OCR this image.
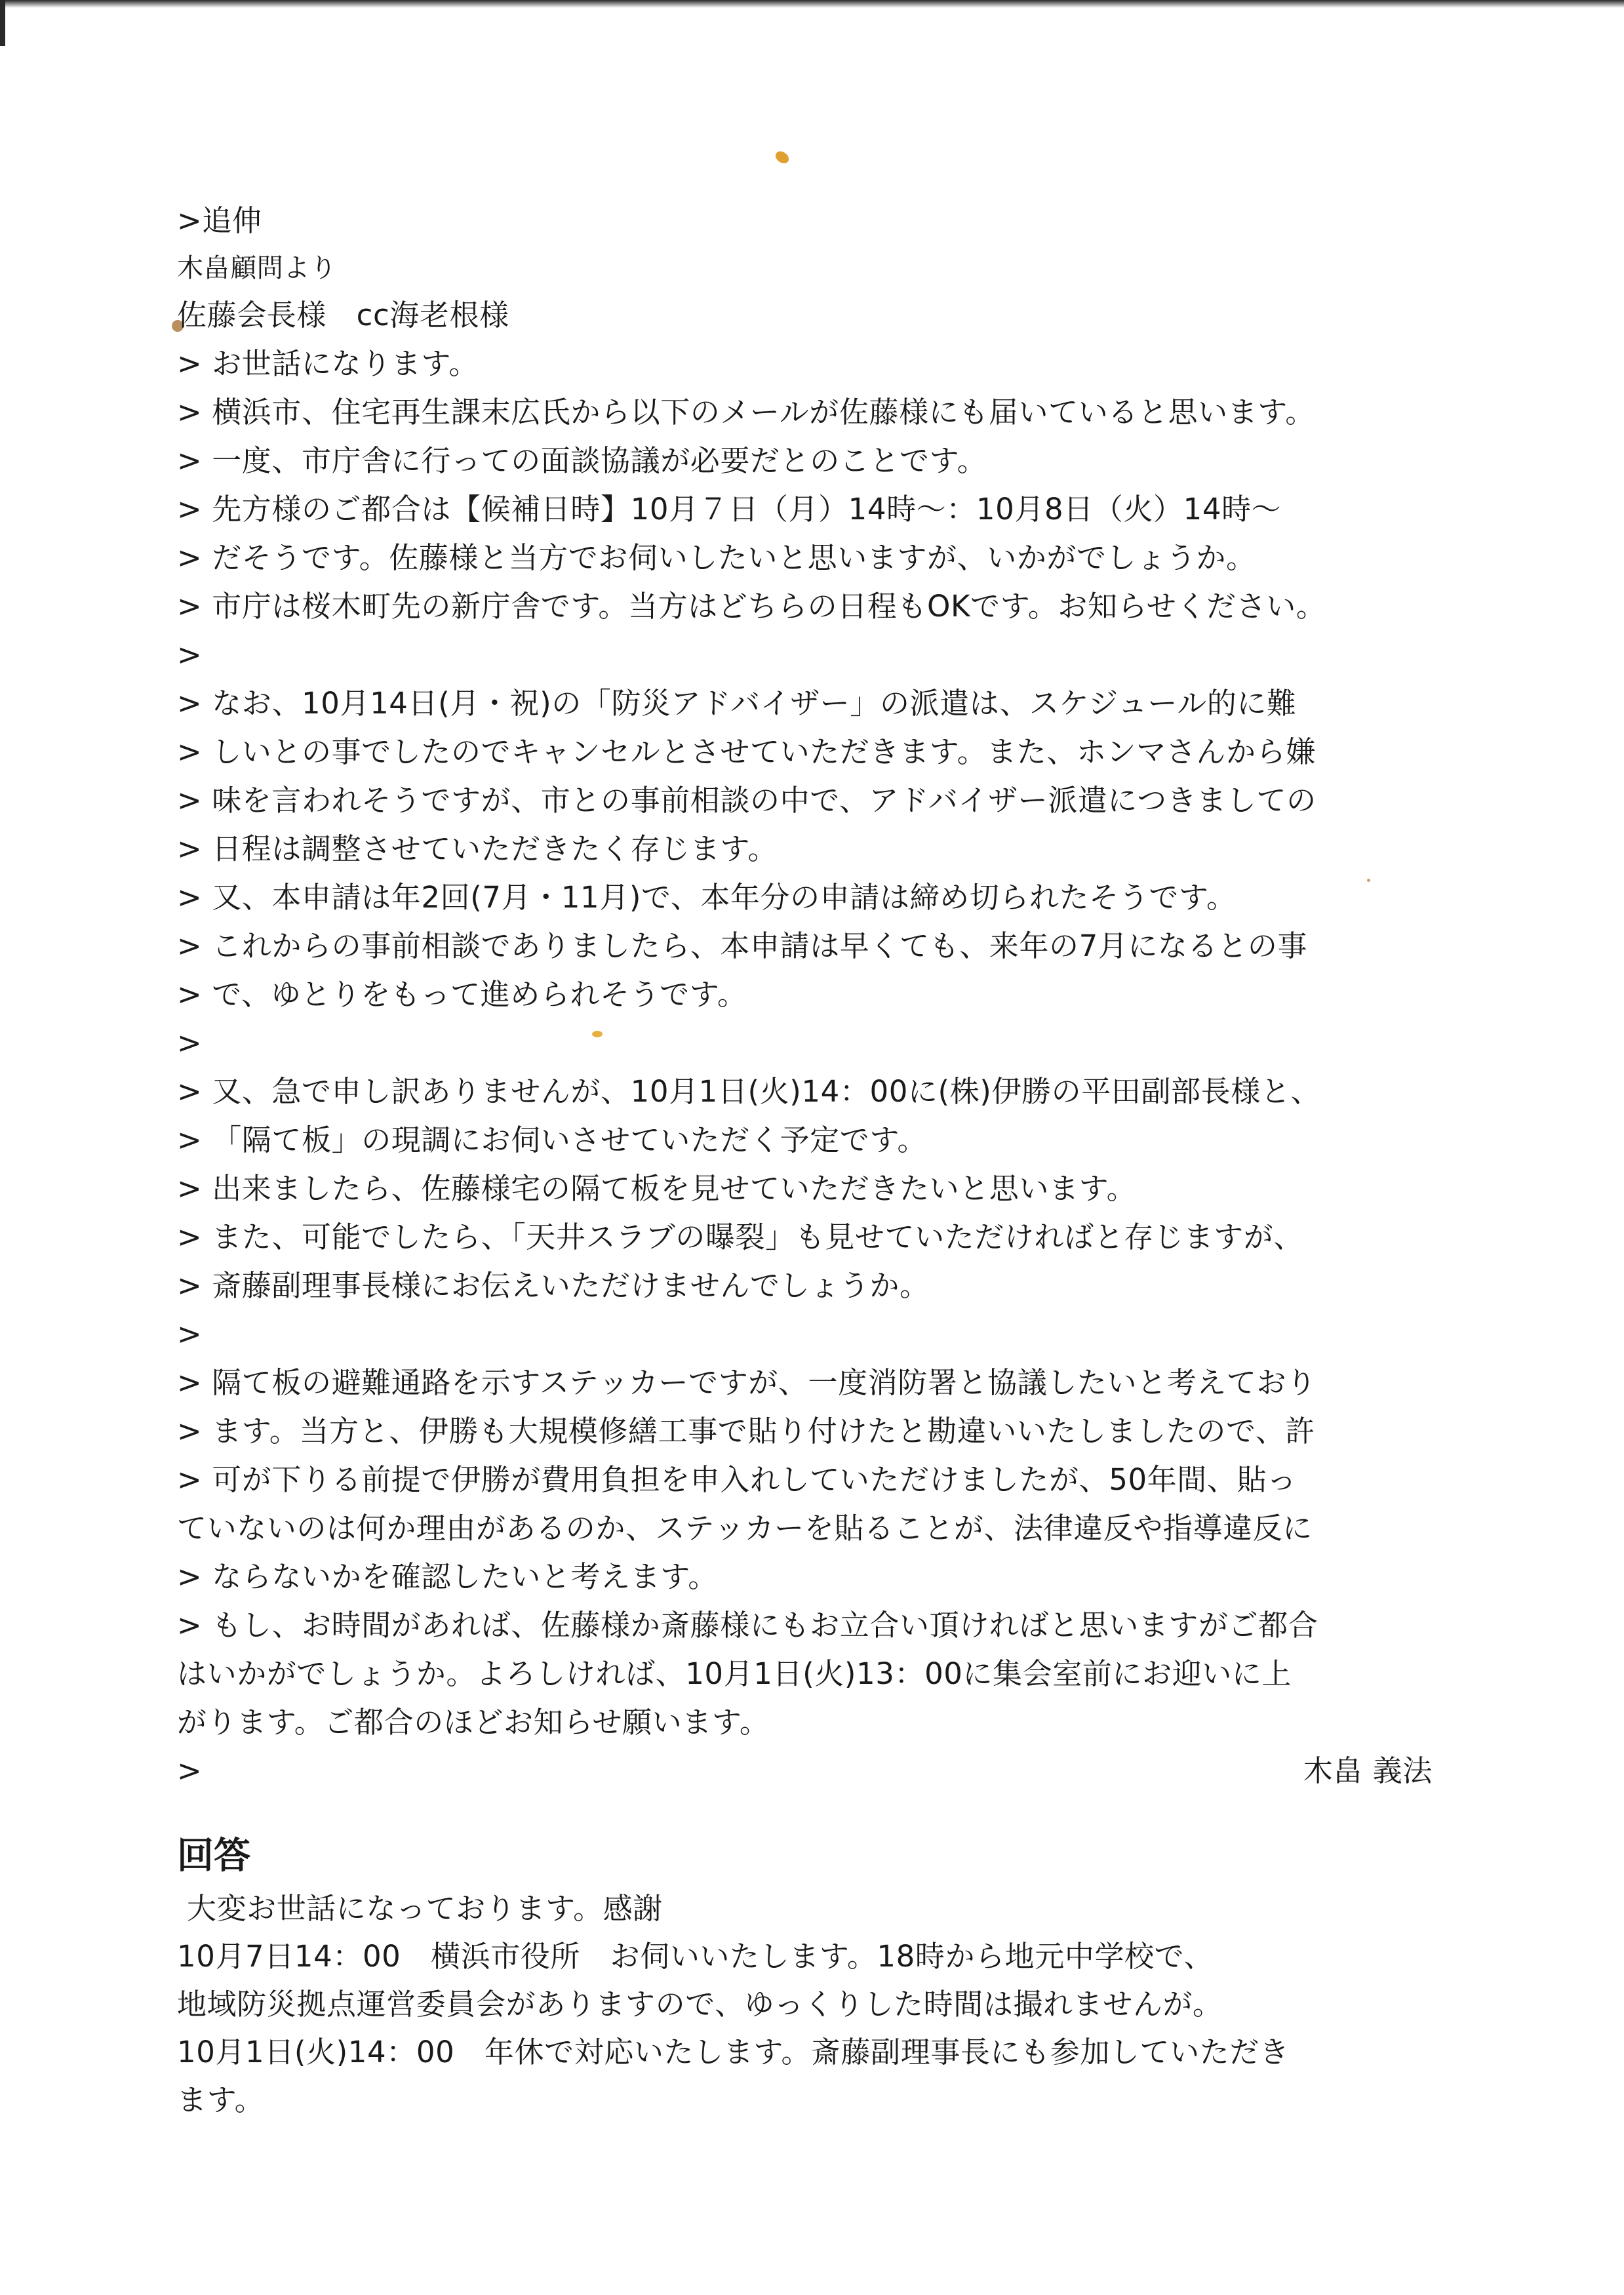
>追伸
木畠顧問より
佐藤会長様　cc海老根様
> お世話になります。
> 横浜市、住宅再生課末広氏から以下のメールが佐藤様にも届いていると思います。
> 一度、市庁舎に行っての面談協議が必要だとのことです。
> 先方様のご都合は【候補日時】10月７日（月）14時～：10月8日（火）14時～
> だそうです。佐藤様と当方でお伺いしたいと思いますが、いかがでしょうか。
> 市庁は桜木町先の新庁舎です。当方はどちらの日程もOKです。お知らせください。
>
> なお、10月14日(月・祝)の「防災アドバイザー」の派遣は、スケジュール的に難
> しいとの事でしたのでキャンセルとさせていただきます。また、ホンマさんから嫌
> 味を言われそうですが、市との事前相談の中で、アドバイザー派遣につきましての
> 日程は調整させていただきたく存じます。
> 又、本申請は年2回(7月・11月)で、本年分の申請は締め切られたそうです。
> これからの事前相談でありましたら、本申請は早くても、来年の7月になるとの事
> で、ゆとりをもって進められそうです。
>
> 又、急で申し訳ありませんが、10月1日(火)14：00に(株)伊勝の平田副部長様と、
> 「隔て板」の現調にお伺いさせていただく予定です。
> 出来ましたら、佐藤様宅の隔て板を見せていただきたいと思います。
> また、可能でしたら、「天井スラブの曝裂」も見せていただければと存じますが、
> 斎藤副理事長様にお伝えいただけませんでしょうか。
>
> 隔て板の避難通路を示すステッカーですが、一度消防署と協議したいと考えており
> ます。当方と、伊勝も大規模修繕工事で貼り付けたと勘違いいたしましたので、許
> 可が下りる前提で伊勝が費用負担を申入れしていただけましたが、50年間、貼っ
ていないのは何か理由があるのか、ステッカーを貼ることが、法律違反や指導違反に
> ならないかを確認したいと考えます。
> もし、お時間があれば、佐藤様か斎藤様にもお立合い頂ければと思いますがご都合
はいかがでしょうか。よろしければ、10月1日(火)13：00に集会室前にお迎いに上
がります。ご都合のほどお知らせ願います。
>	木畠 義法
回答
大変お世話になっております。感謝
10月7日14：00　横浜市役所　お伺いいたします。18時から地元中学校で、
地域防災拠点運営委員会がありますので、ゆっくりした時間は撮れませんが。
10月1日(火)14：00　年休で対応いたします。斎藤副理事長にも参加していただき
ます。
